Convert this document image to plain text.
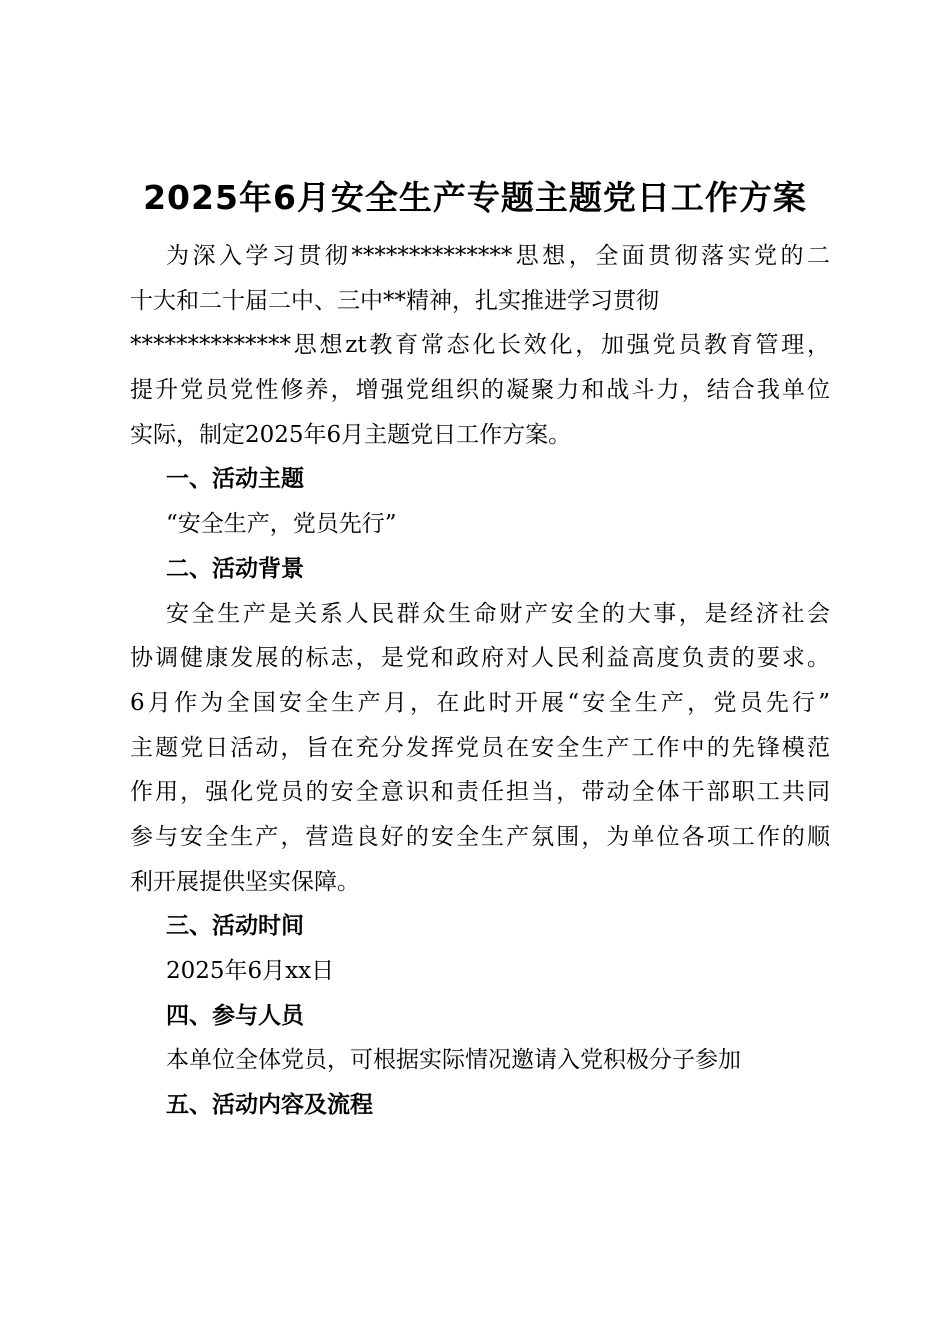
2025年6月安全生产专题主题党日工作方案
为深入学习贯彻**************思想，全面贯彻落实党的二
十大和二十届二中、三中**精神，扎实推进学习贯彻
**************思想zt教育常态化长效化，加强党员教育管理，
提升党员党性修养，增强党组织的凝聚力和战斗力，结合我单位
实际，制定2025年6月主题党日工作方案。
一、活动主题
“安全生产，党员先行”
二、活动背景
安全生产是关系人民群众生命财产安全的大事，是经济社会
协调健康发展的标志，是党和政府对人民利益高度负责的要求。
6月作为全国安全生产月，在此时开展“安全生产，党员先行”
主题党日活动，旨在充分发挥党员在安全生产工作中的先锋模范
作用，强化党员的安全意识和责任担当，带动全体干部职工共同
参与安全生产，营造良好的安全生产氛围，为单位各项工作的顺
利开展提供坚实保障。
三、活动时间
2025年6月xx日
四、参与人员
本单位全体党员，可根据实际情况邀请入党积极分子参加
五、活动内容及流程
